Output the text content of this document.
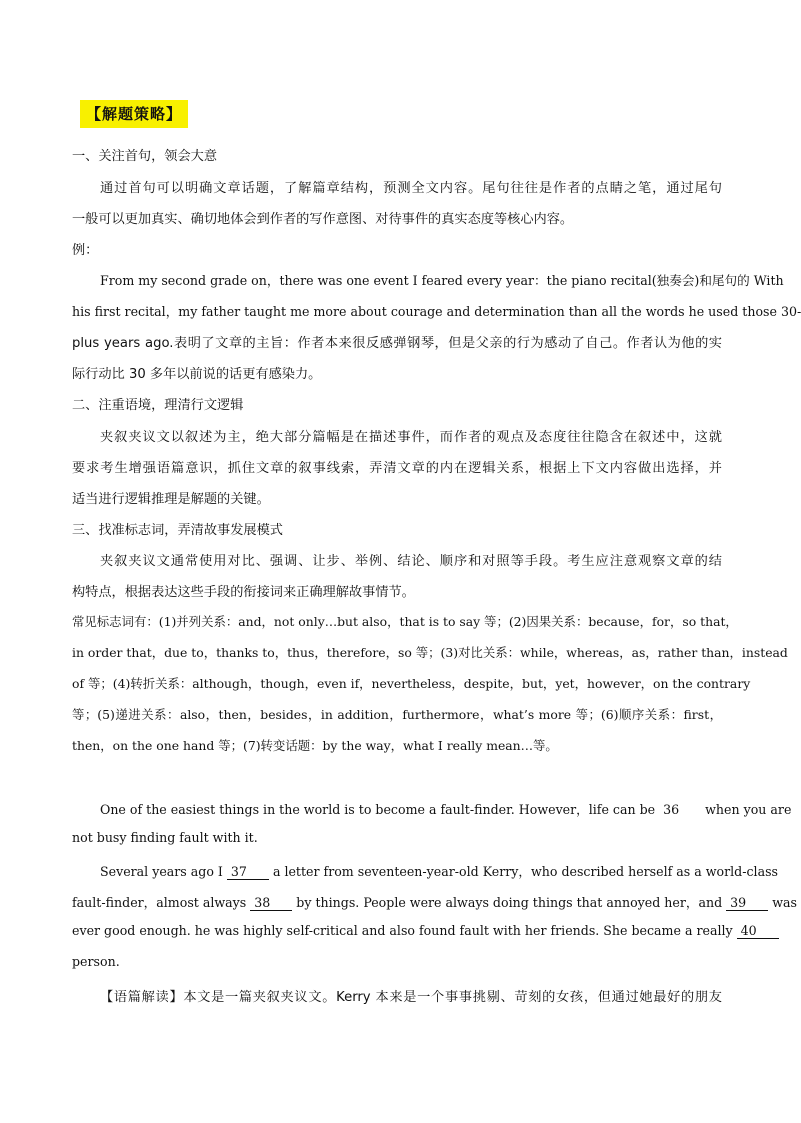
【解题策略】
一、关注首句，领会大意
通过首句可以明确文章话题，了解篇章结构，预测全文内容。尾句往往是作者的点睛之笔，通过尾句
一般可以更加真实、确切地体会到作者的写作意图、对待事件的真实态度等核心内容。
例：
From my second grade on，there was one event I feared every year：the piano recital(独奏会)和尾句的 With
his first recital，my father taught me more about courage and determination than all the words he used those 30-
plus years ago.表明了文章的主旨：作者本来很反感弹钢琴，但是父亲的行为感动了自己。作者认为他的实
际行动比 30 多年以前说的话更有感染力。
二、注重语境，理清行文逻辑
夹叙夹议文以叙述为主，绝大部分篇幅是在描述事件，而作者的观点及态度往往隐含在叙述中，这就
要求考生增强语篇意识，抓住文章的叙事线索，弄清文章的内在逻辑关系，根据上下文内容做出选择，并
适当进行逻辑推理是解题的关键。
三、找准标志词，弄清故事发展模式
夹叙夹议文通常使用对比、强调、让步、举例、结论、顺序和对照等手段。考生应注意观察文章的结
构特点，根据表达这些手段的衔接词来正确理解故事情节。
常见标志词有：(1)并列关系：and，not only…but also，that is to say 等；(2)因果关系：because，for，so that，
in order that，due to，thanks to，thus，therefore，so 等；(3)对比关系：while，whereas，as，rather than，instead
of 等；(4)转折关系：although，though，even if，nevertheless，despite，but，yet，however，on the contrary
等；(5)递进关系：also，then，besides，in addition，furthermore，what’s more 等；(6)顺序关系：first，
then，on the one hand 等；(7)转变话题：by the way，what I really mean…等。
One of the easiest things in the world is to become a fault-finder. However，life can be 36 when you are
not busy finding fault with it.
Several years ago I 37 a letter from seventeen-year-old Kerry，who described herself as a world-class
fault-finder，almost always 38 by things. People were always doing things that annoyed her，and 39 was
ever good enough. he was highly self-critical and also found fault with her friends. She became a really 40
person.
【语篇解读】本文是一篇夹叙夹议文。Kerry 本来是一个事事挑剔、苛刻的女孩，但通过她最好的朋友
